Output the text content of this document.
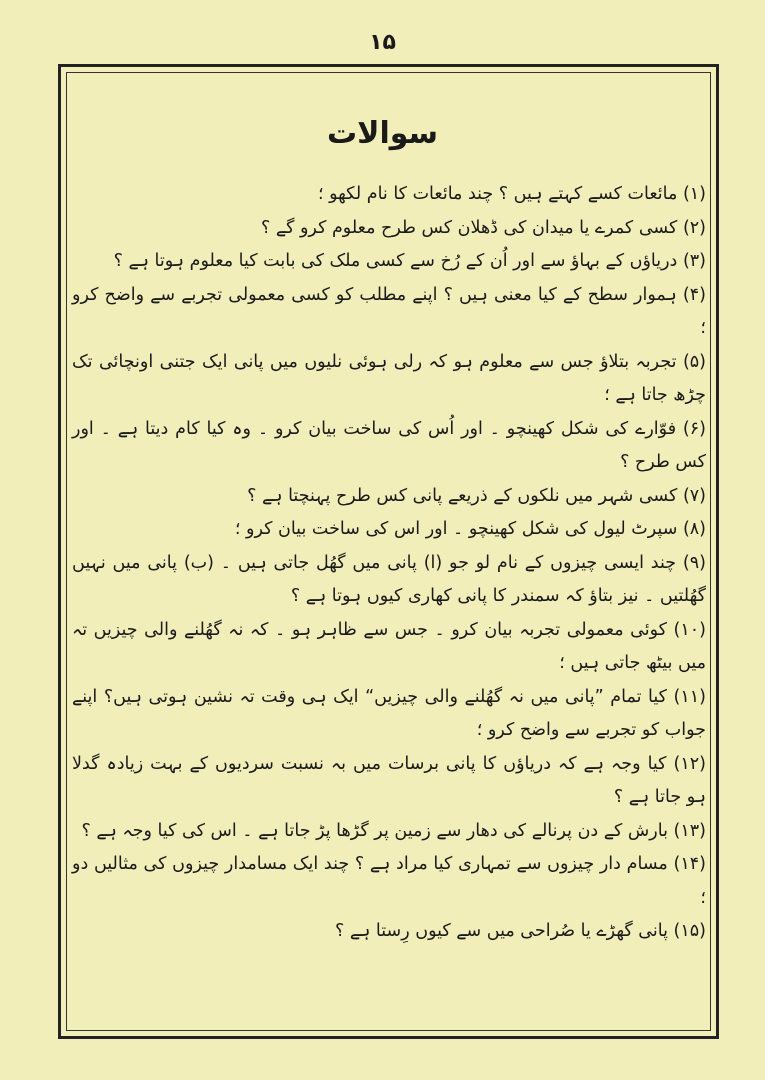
۱۵
سوالات
(۱) مائعات کسے کہتے ہیں ؟ چند مائعات کا نام لکھو ؛
(۲) کسی کمرے یا میدان کی ڈھلان کس طرح معلوم کرو گے ؟
(۳) دریاؤں کے بہاؤ سے اور اُن کے رُخ سے کسی ملک کی بابت کیا معلوم ہوتا ہے ؟
(۴) ہموار سطح کے کیا معنی ہیں ؟ اپنے مطلب کو کسی معمولی تجربے سے واضح کرو ؛
(۵) تجربہ بتلاؤ جس سے معلوم ہو کہ رلی ہوئی نلیوں میں پانی ایک جتنی اونچائی تک چڑھ جاتا ہے ؛
(۶) فوّارے کی شکل کھینچو ۔ اور اُس کی ساخت بیان کرو ۔ وہ کیا کام دیتا ہے ۔ اور کس طرح ؟
(۷) کسی شہر میں نلکوں کے ذریعے پانی کس طرح پہنچتا ہے ؟
(۸) سپرٹ لیول کی شکل کھینچو ۔ اور اس کی ساخت بیان کرو ؛
(۹) چند ایسی چیزوں کے نام لو جو (ا) پانی میں گھُل جاتی ہیں ۔ (ب) پانی میں نہیں گھُلتیں ۔ نیز بتاؤ کہ سمندر کا پانی کھاری کیوں ہوتا ہے ؟
(۱۰) کوئی معمولی تجربہ بیان کرو ۔ جس سے ظاہر ہو ۔ کہ نہ گھُلنے والی چیزیں تہ میں بیٹھ جاتی ہیں ؛
(۱۱) کیا تمام ”پانی میں نہ گھُلنے والی چیزیں“ ایک ہی وقت تہ نشین ہوتی ہیں؟ اپنے جواب کو تجربے سے واضح کرو ؛
(۱۲) کیا وجہ ہے کہ دریاؤں کا پانی برسات میں بہ نسبت سردیوں کے بہت زیادہ گدلا ہو جاتا ہے ؟
(۱۳) بارش کے دن پرنالے کی دھار سے زمین پر گڑھا پڑ جاتا ہے ۔ اس کی کیا وجہ ہے ؟
(۱۴) مسام دار چیزوں سے تمہاری کیا مراد ہے ؟ چند ایک مسامدار چیزوں کی مثالیں دو ؛
(۱۵) پانی گھڑے یا صُراحی میں سے کیوں رِستا ہے ؟
